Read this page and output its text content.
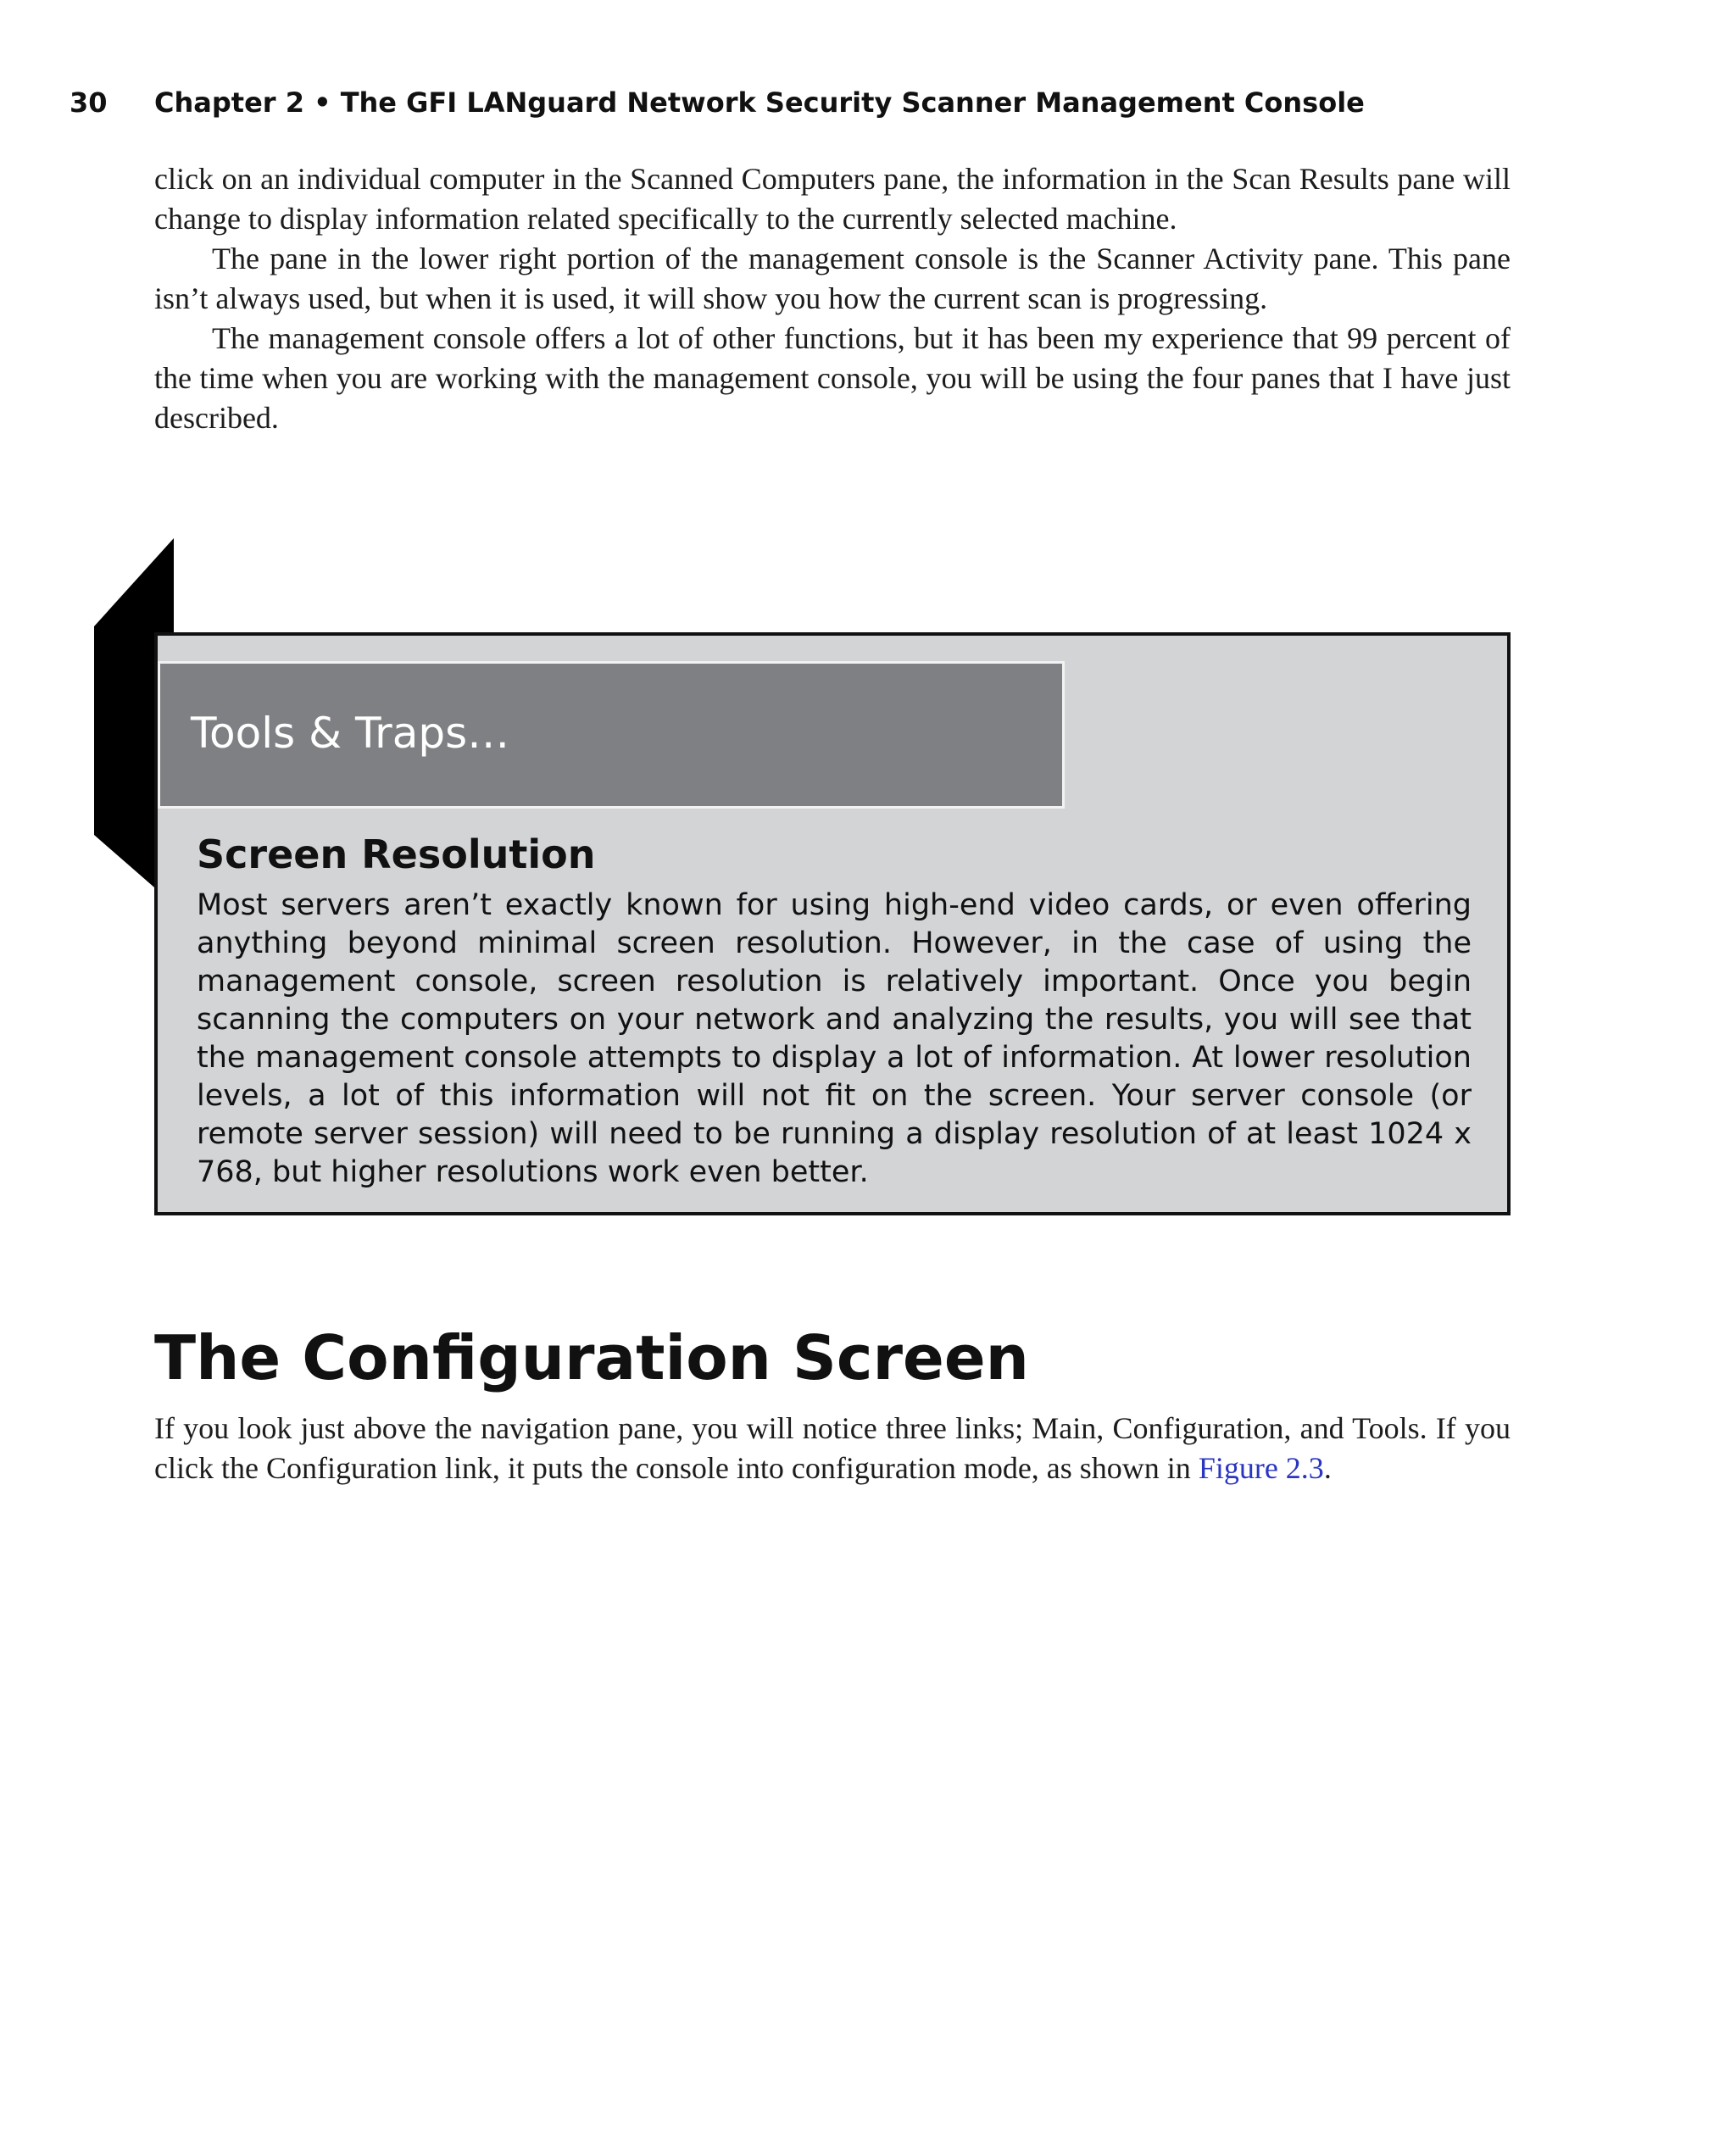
30 Chapter 2 • The GFI LANguard Network Security Scanner Management Console

click on an individual computer in the Scanned Computers pane, the information in the Scan Results pane will change to display information related specifically to the currently selected machine.

The pane in the lower right portion of the management console is the Scanner Activity pane. This pane isn’t always used, but when it is used, it will show you how the current scan is progressing.

The management console offers a lot of other functions, but it has been my experience that 99 percent of the time when you are working with the management console, you will be using the four panes that I have just described.

Tools & Traps…
Screen Resolution

Most servers aren’t exactly known for using high-end video cards, or even offering anything beyond minimal screen resolution. However, in the case of using the management console, screen resolution is relatively important. Once you begin scanning the computers on your network and analyzing the results, you will see that the management console attempts to display a lot of information. At lower resolution levels, a lot of this information will not fit on the screen. Your server console (or remote server session) will need to be running a display resolution of at least 1024 x 768, but higher resolutions work even better.

The Configuration Screen

If you look just above the navigation pane, you will notice three links; Main, Configuration, and Tools. If you click the Configuration link, it puts the console into configuration mode, as shown in Figure 2.3.
